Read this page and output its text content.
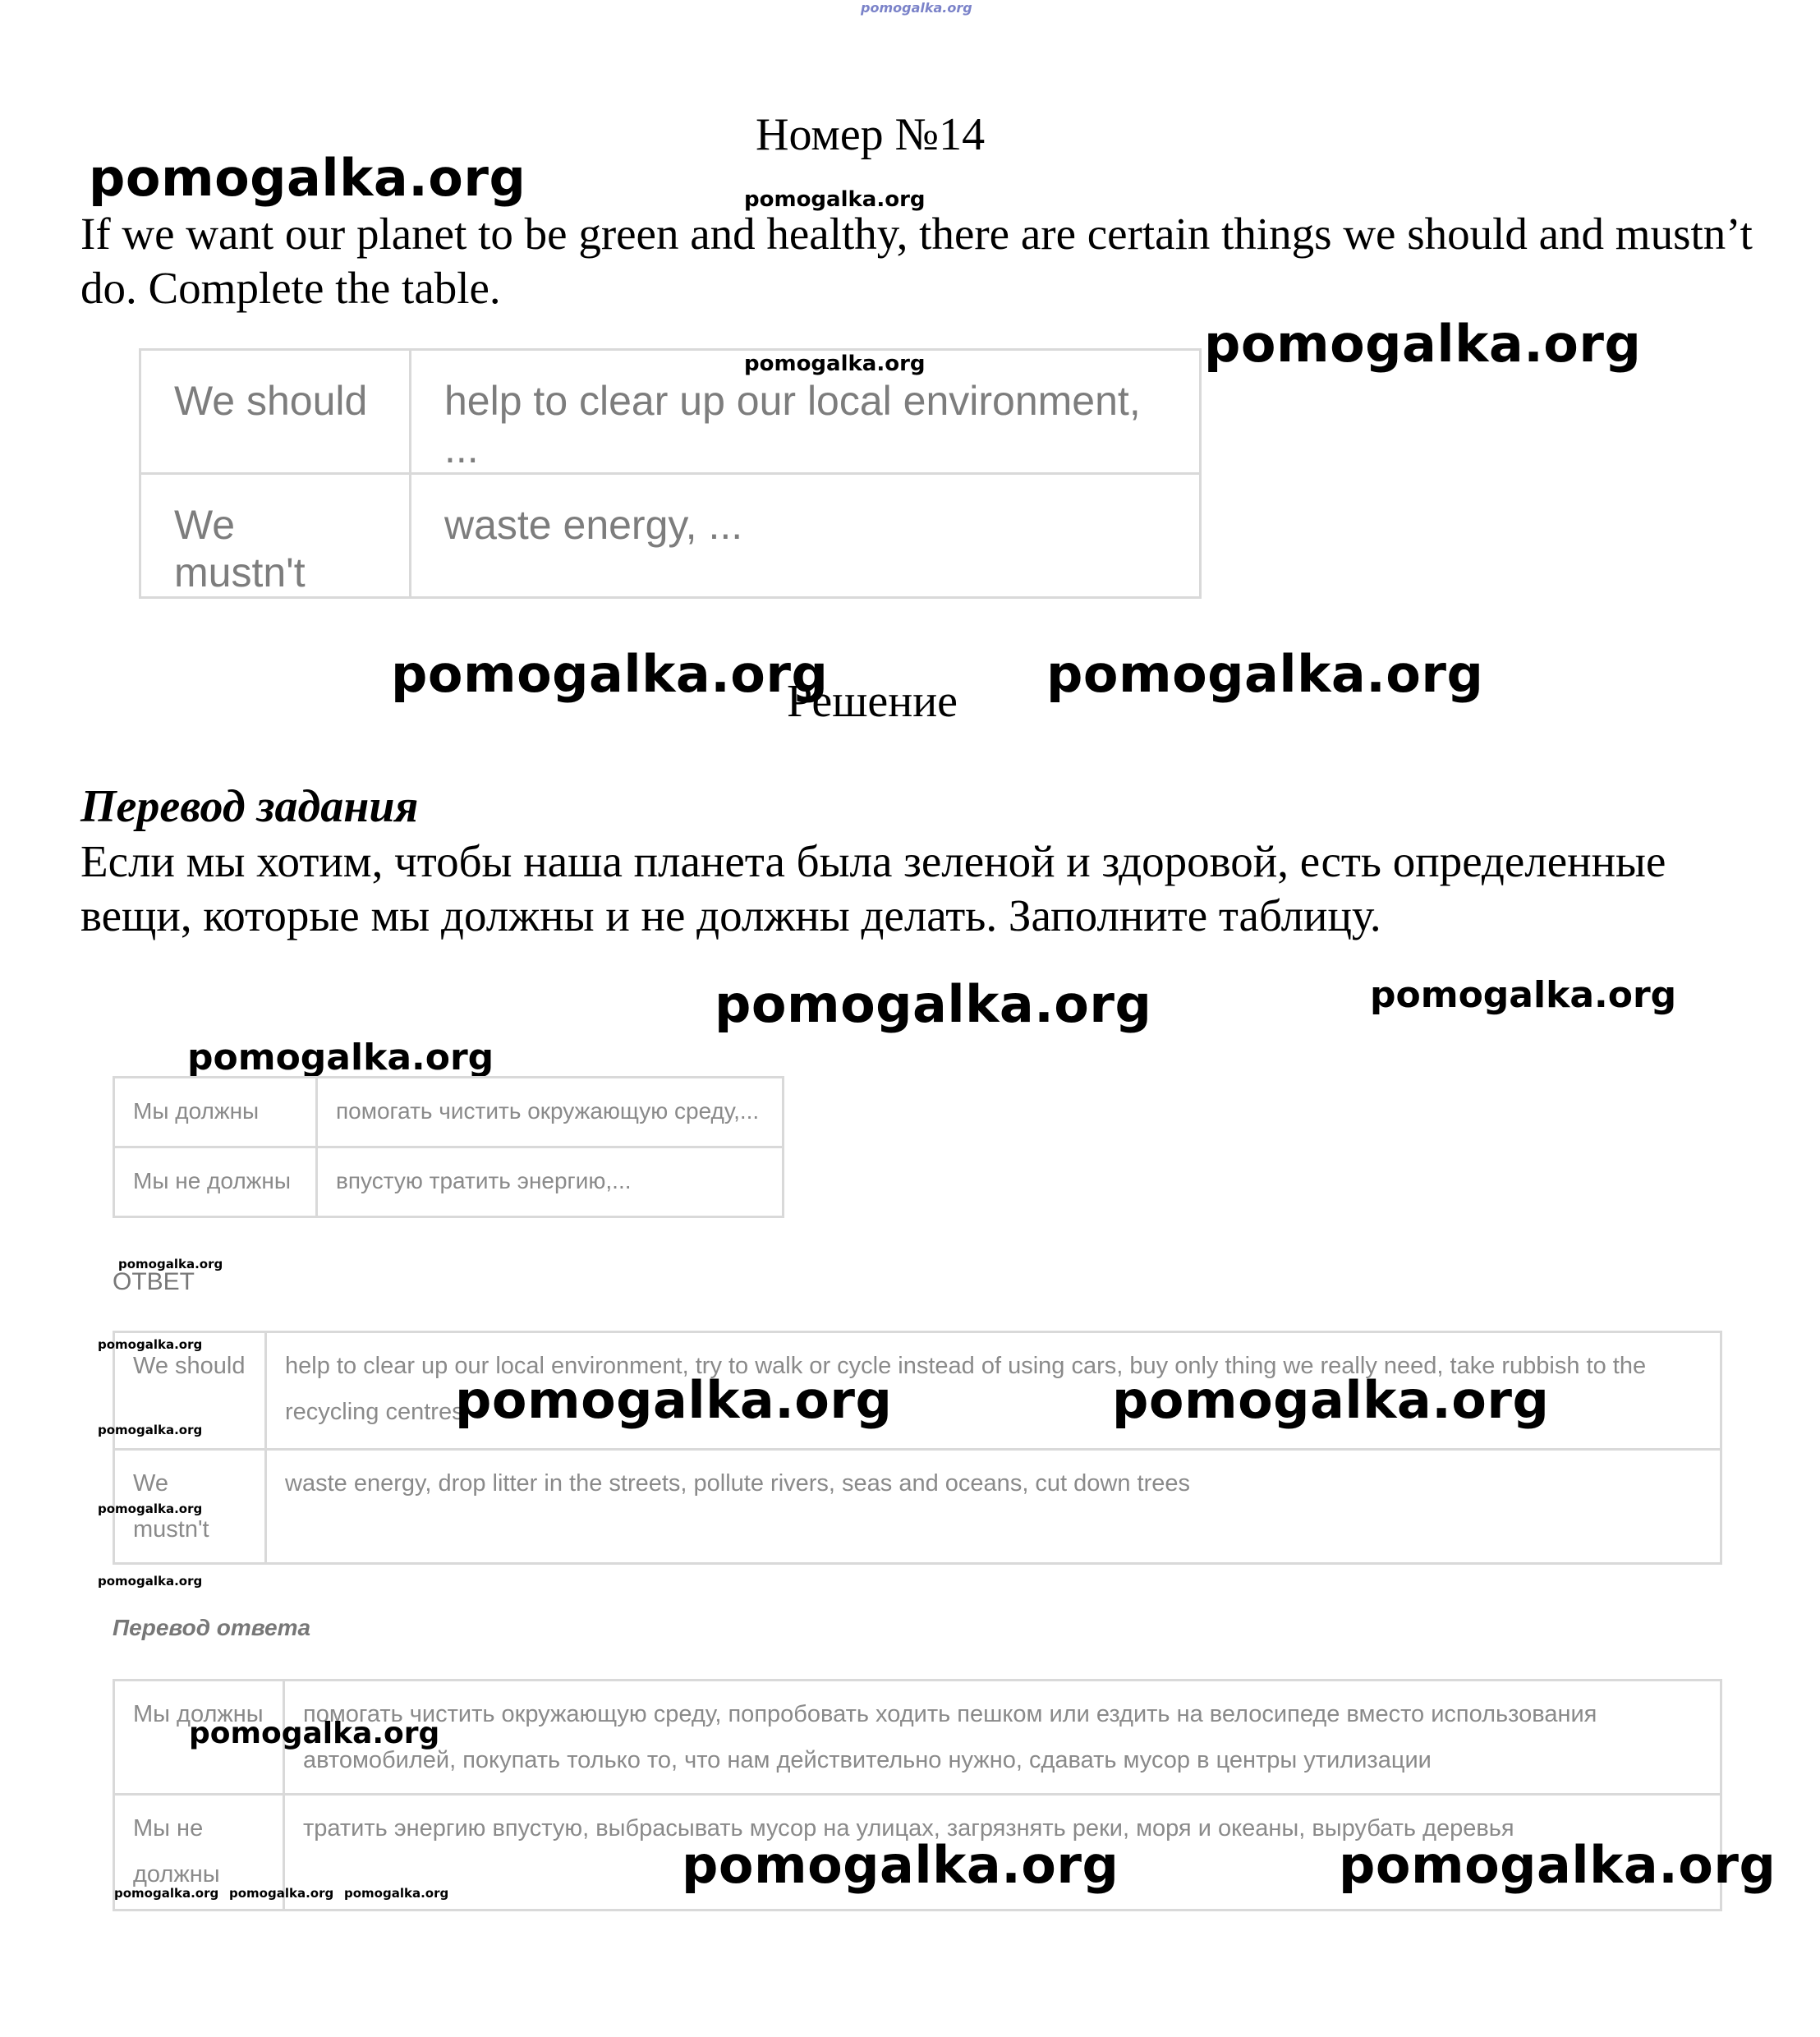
pomogalka.org
Номер №14
pomogalka.org	pomogalka.org
If we want our planet to be green and healthy, there are certain things we should and mustn’t do. Complete the table.
We should	help to clear up our local environment, ...
We mustn't	waste energy, ...
pomogalka.org	pomogalka.org
pomogalka.org
Решение pomogalka.org
Перевод задания
Если мы хотим, чтобы наша планета была зеленой и здоровой, есть определенные вещи, которые мы должны и не должны делать. Заполните таблицу.
pomogalka.org	pomogalka.org
pomogalka.org
Мы должны	помогать чистить окружающую среду,...
Мы не должны	впустую тратить энергию,...
pomogalka.org
ОТВЕТ
We should	help to clear up our local environment, try to walk or cycle instead of using cars, buy only thing we really need, take rubbish to the recycling centres
We mustn't	waste energy, drop litter in the streets, pollute rivers, seas and oceans, cut down trees
pomogalka.org
pomogalka.org
pomogalka.org
pomogalka.org
pomogalka.org	pomogalka.org
Перевод ответа
Мы должны	помогать чистить окружающую среду, попробовать ходить пешком или ездить на велосипеде вместо использования автомобилей, покупать только то, что нам действительно нужно, сдавать мусор в центры утилизации
Мы не должны	тратить энергию впустую, выбрасывать мусор на улицах, загрязнять реки, моря и океаны, вырубать деревья
pomogalka.org
pomogalka.org	pomogalka.org
pomogalka.org pomogalka.org pomogalka.org
